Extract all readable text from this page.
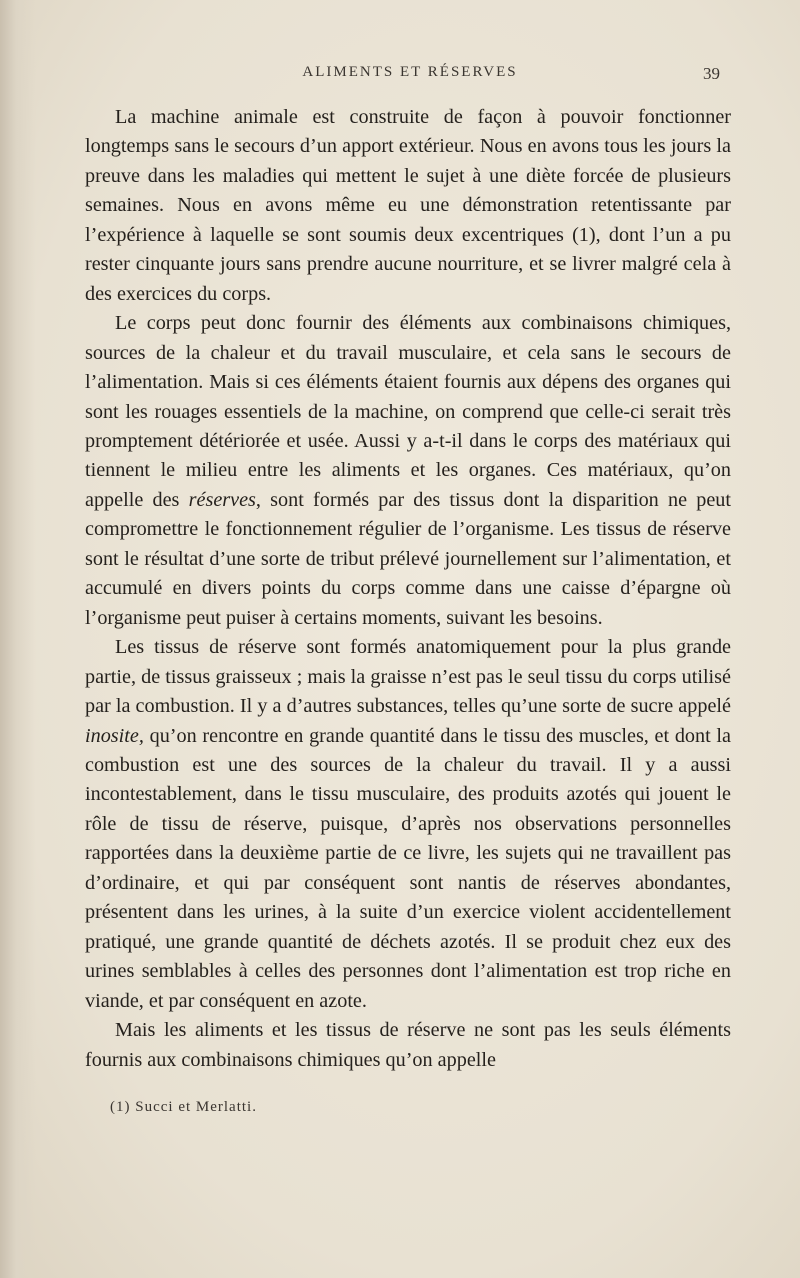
ALIMENTS ET RÉSERVES	39

La machine animale est construite de façon à pouvoir fonctionner longtemps sans le secours d’un apport extérieur. Nous en avons tous les jours la preuve dans les maladies qui mettent le sujet à une diète forcée de plusieurs semaines. Nous en avons même eu une démonstration retentissante par l’expérience à laquelle se sont soumis deux excentriques (1), dont l’un a pu rester cinquante jours sans prendre aucune nourriture, et se livrer malgré cela à des exercices du corps.

Le corps peut donc fournir des éléments aux combinaisons chimiques, sources de la chaleur et du travail musculaire, et cela sans le secours de l’alimentation. Mais si ces éléments étaient fournis aux dépens des organes qui sont les rouages essentiels de la machine, on comprend que celle-ci serait très promptement détériorée et usée. Aussi y a-t-il dans le corps des matériaux qui tiennent le milieu entre les aliments et les organes. Ces matériaux, qu’on appelle des réserves, sont formés par des tissus dont la disparition ne peut compromettre le fonctionnement régulier de l’organisme. Les tissus de réserve sont le résultat d’une sorte de tribut prélevé journellement sur l’alimentation, et accumulé en divers points du corps comme dans une caisse d’épargne où l’organisme peut puiser à certains moments, suivant les besoins.

Les tissus de réserve sont formés anatomiquement pour la plus grande partie, de tissus graisseux ; mais la graisse n’est pas le seul tissu du corps utilisé par la combustion. Il y a d’autres substances, telles qu’une sorte de sucre appelé inosite, qu’on rencontre en grande quantité dans le tissu des muscles, et dont la combustion est une des sources de la chaleur du travail. Il y a aussi incontestablement, dans le tissu musculaire, des produits azotés qui jouent le rôle de tissu de réserve, puisque, d’après nos observations personnelles rapportées dans la deuxième partie de ce livre, les sujets qui ne travaillent pas d’ordinaire, et qui par conséquent sont nantis de réserves abondantes, présentent dans les urines, à la suite d’un exercice violent accidentellement pratiqué, une grande quantité de déchets azotés. Il se produit chez eux des urines semblables à celles des personnes dont l’alimentation est trop riche en viande, et par conséquent en azote.

Mais les aliments et les tissus de réserve ne sont pas les seuls éléments fournis aux combinaisons chimiques qu’on appelle

(1) Succi et Merlatti.
